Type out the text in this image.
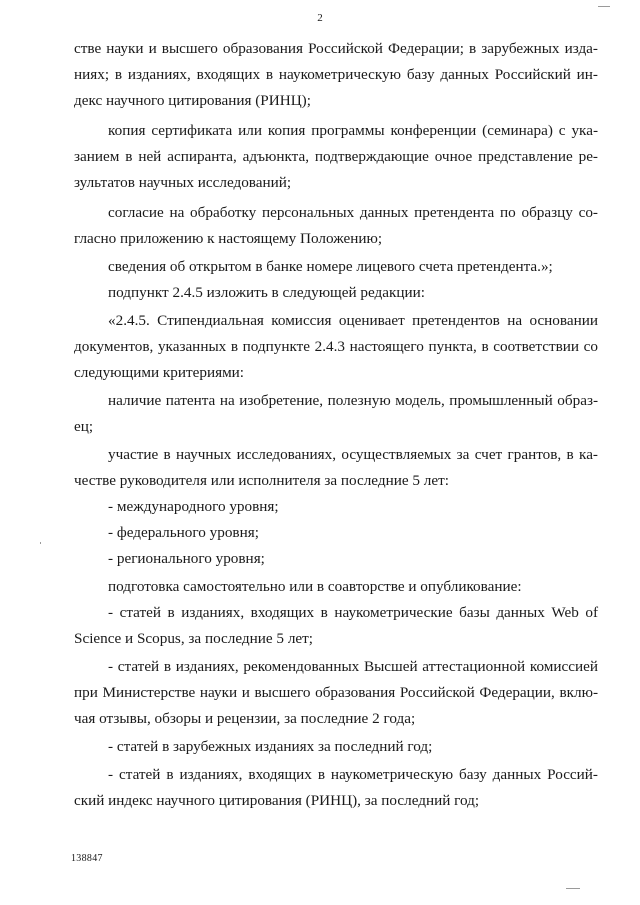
2
стве науки и высшего образования Российской Федерации; в зарубежных изда-
ниях; в изданиях, входящих в наукометрическую базу данных Российский ин-
декс научного цитирования (РИНЦ);
копия сертификата или копия программы конференции (семинара) с ука-
занием в ней аспиранта, адъюнкта, подтверждающие очное представление ре-
зультатов научных исследований;
согласие на обработку персональных данных претендента по образцу со-
гласно приложению к настоящему Положению;
сведения об открытом в банке номере лицевого счета претендента.»;
подпункт 2.4.5 изложить в следующей редакции:
«2.4.5. Стипендиальная комиссия оценивает претендентов на основании
документов, указанных в подпункте 2.4.3 настоящего пункта, в соответствии со
следующими критериями:
наличие патента на изобретение, полезную модель, промышленный образ-
ец;
участие в научных исследованиях, осуществляемых за счет грантов, в ка-
честве руководителя или исполнителя за последние 5 лет:
- международного уровня;
- федерального уровня;
- регионального уровня;
подготовка самостоятельно или в соавторстве и опубликование:
- статей в изданиях, входящих в наукометрические базы данных Web of
Science и Scopus, за последние 5 лет;
- статей в изданиях, рекомендованных Высшей аттестационной комиссией
при Министерстве науки и высшего образования Российской Федерации, вклю-
чая отзывы, обзоры и рецензии, за последние 2 года;
- статей в зарубежных изданиях за последний год;
- статей в изданиях, входящих в наукометрическую базу данных Россий-
ский индекс научного цитирования (РИНЦ), за последний год;
138847
